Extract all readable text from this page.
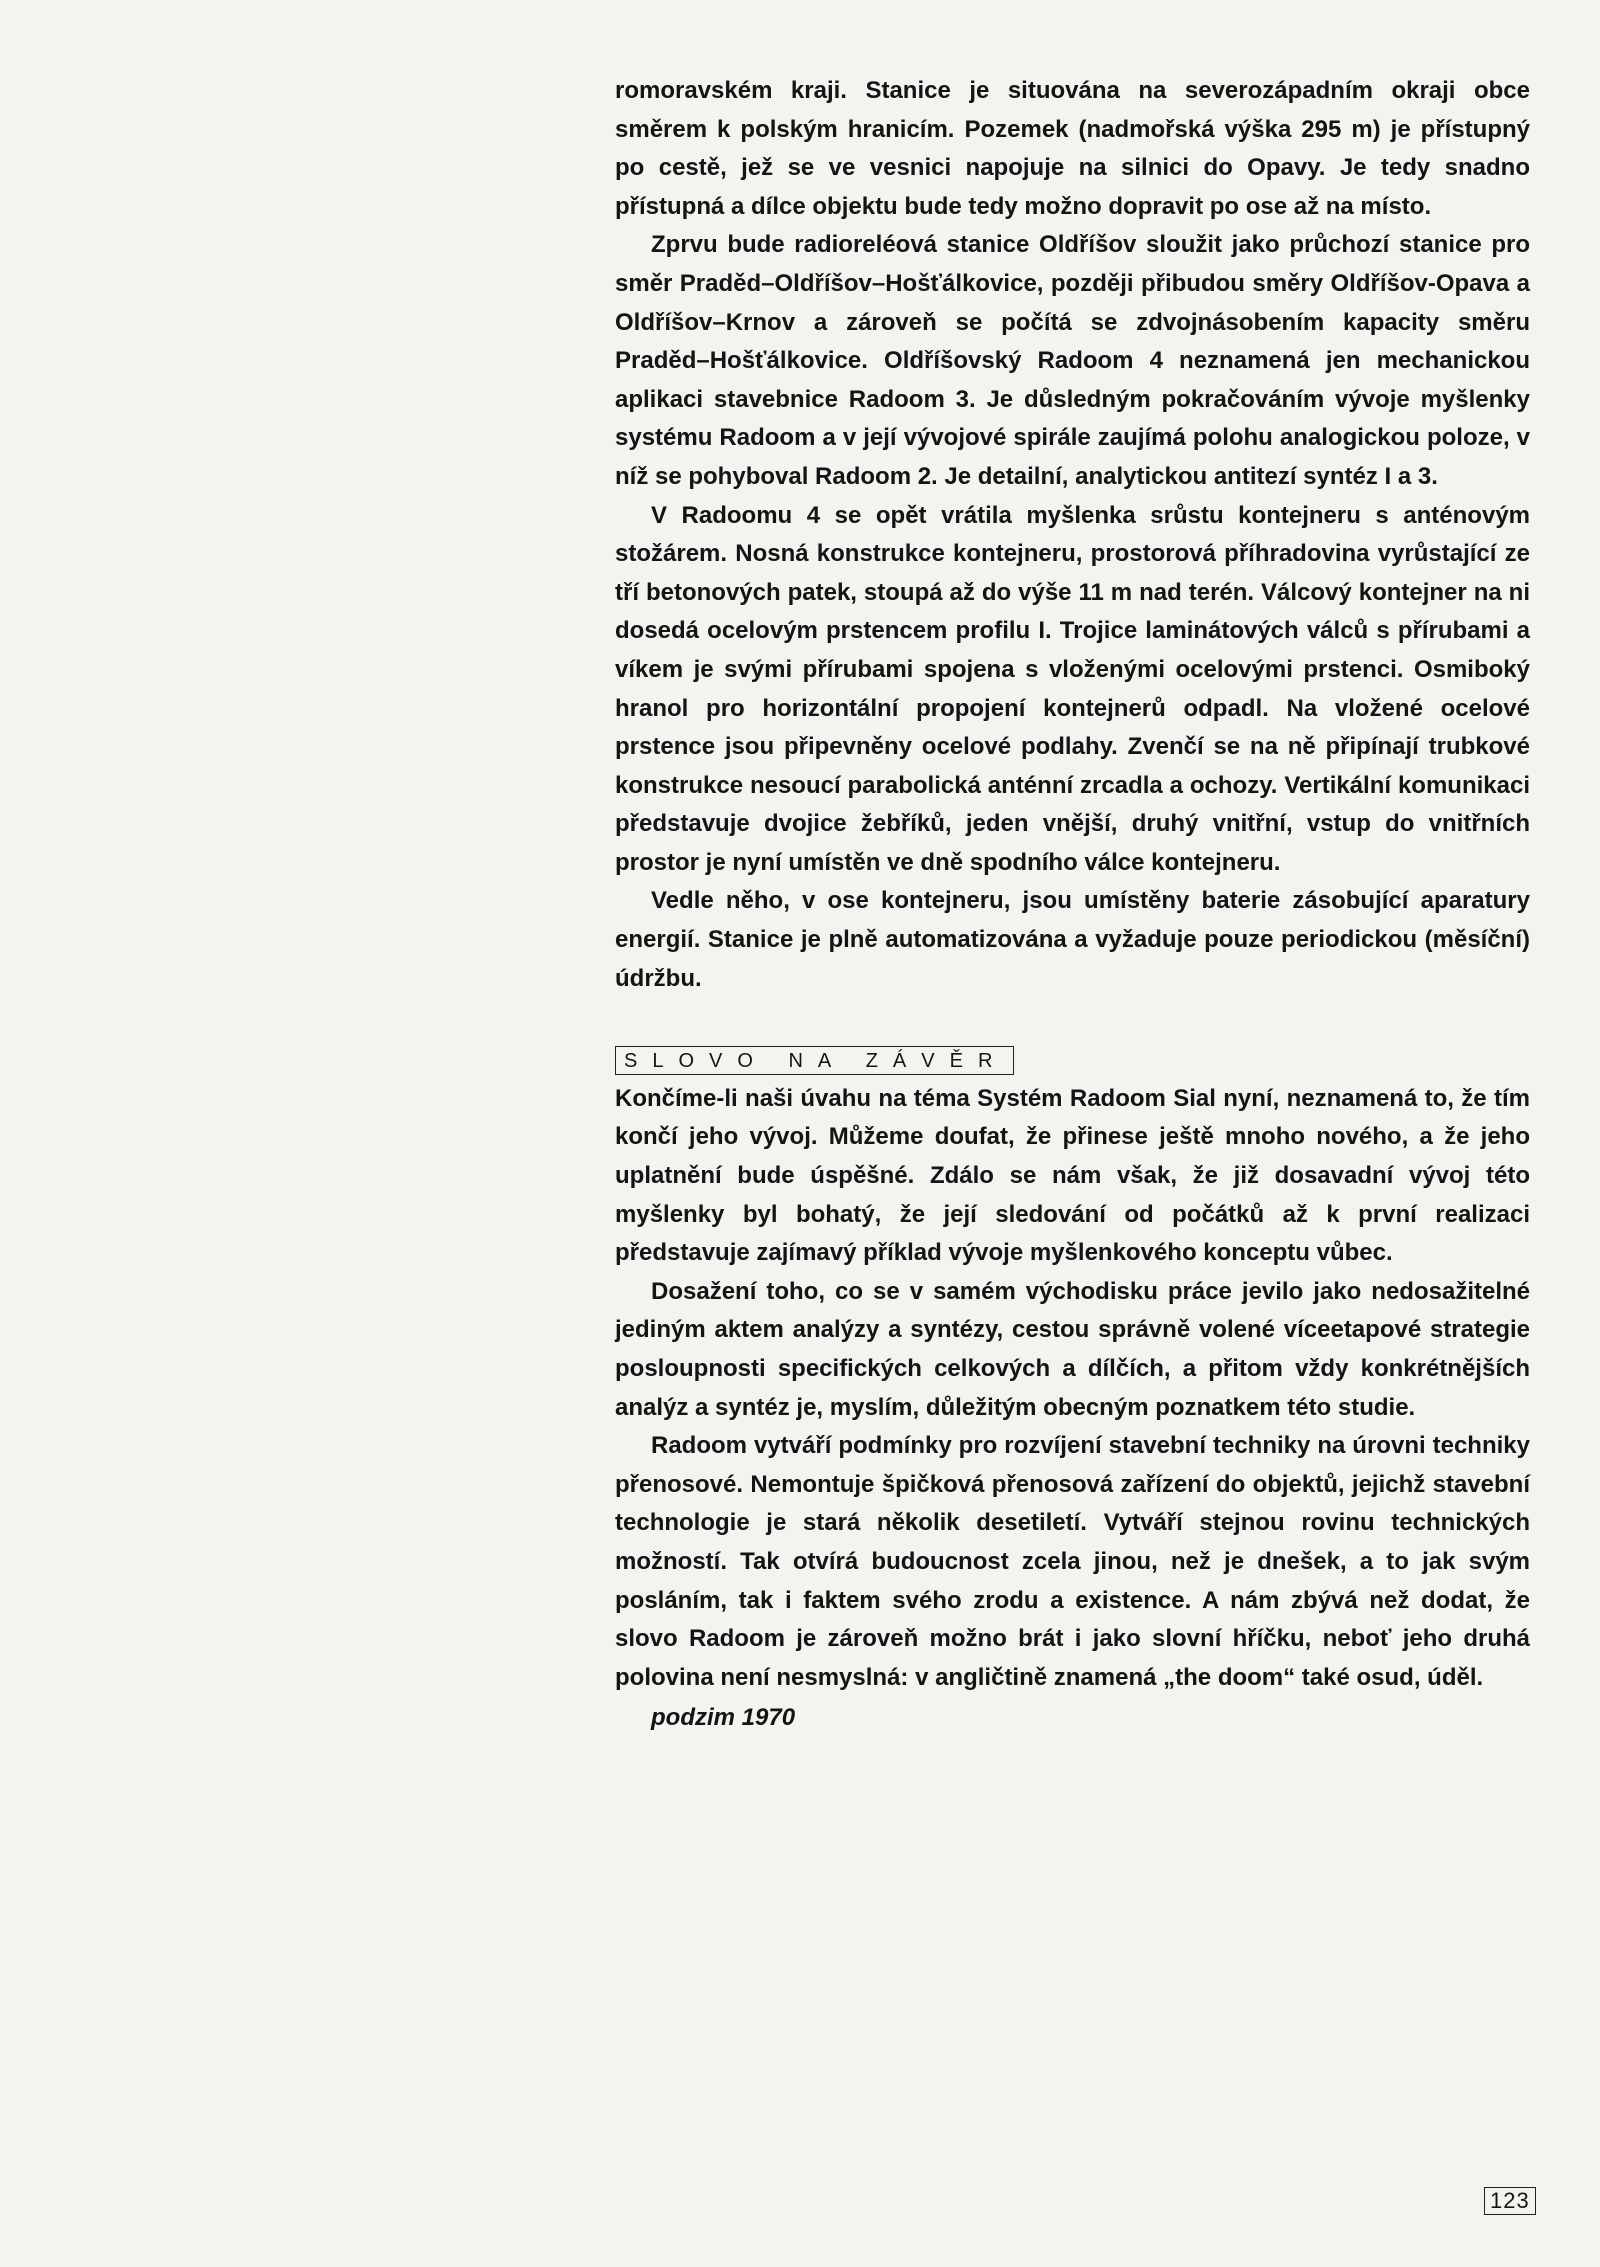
romoravském kraji. Stanice je situována na severozápadním okraji obce směrem k polským hranicím. Pozemek (nadmořská výška 295 m) je přístupný po cestě, jež se ve vesnici napojuje na silnici do Opavy. Je tedy snadno přístupná a dílce objektu bude tedy možno dopravit po ose až na místo.

Zprvu bude radioreléová stanice Oldříšov sloužit jako průchozí stanice pro směr Praděd–Oldříšov–Hošťálkovice, později přibudou směry Oldříšov-Opava a Oldříšov–Krnov a zároveň se počítá se zdvojnásobením kapacity směru Praděd–Hošťálkovice. Oldříšovský Radoom 4 neznamená jen mechanickou aplikaci stavebnice Radoom 3. Je důsledným pokračováním vývoje myšlenky systému Radoom a v její vývojové spirále zaujímá polohu analogickou poloze, v níž se pohyboval Radoom 2. Je detailní, analytickou antitezí syntéz I a 3.

V Radoomu 4 se opět vrátila myšlenka srůstu kontejneru s anténovým stožárem. Nosná konstrukce kontejneru, prostorová příhradovina vyrůstající ze tří betonových patek, stoupá až do výše 11 m nad terén. Válcový kontejner na ni dosedá ocelovým prstencem profilu I. Trojice laminátových válců s přírubami a víkem je svými přírubami spojena s vloženými ocelovými prstenci. Osmiboký hranol pro horizontální propojení kontejnerů odpadl. Na vložené ocelové prstence jsou připevněny ocelové podlahy. Zvenčí se na ně připínají trubkové konstrukce nesoucí parabolická anténní zrcadla a ochozy. Vertikální komunikaci představuje dvojice žebříků, jeden vnější, druhý vnitřní, vstup do vnitřních prostor je nyní umístěn ve dně spodního válce kontejneru.

Vedle něho, v ose kontejneru, jsou umístěny baterie zásobující aparatury energií. Stanice je plně automatizována a vyžaduje pouze periodickou (měsíční) údržbu.

SLOVO NA ZÁVĚR

Končíme-li naši úvahu na téma Systém Radoom Sial nyní, neznamená to, že tím končí jeho vývoj. Můžeme doufat, že přinese ještě mnoho nového, a že jeho uplatnění bude úspěšné. Zdálo se nám však, že již dosavadní vývoj této myšlenky byl bohatý, že její sledování od počátků až k první realizaci představuje zajímavý příklad vývoje myšlenkového konceptu vůbec.

Dosažení toho, co se v samém východisku práce jevilo jako nedosažitelné jediným aktem analýzy a syntézy, cestou správně volené víceetapové strategie posloupnosti specifických celkových a dílčích, a přitom vždy konkrétnějších analýz a syntéz je, myslím, důležitým obecným poznatkem této studie.

Radoom vytváří podmínky pro rozvíjení stavební techniky na úrovni techniky přenosové. Nemontuje špičková přenosová zařízení do objektů, jejichž stavební technologie je stará několik desetiletí. Vytváří stejnou rovinu technických možností. Tak otvírá budoucnost zcela jinou, než je dnešek, a to jak svým posláním, tak i faktem svého zrodu a existence. A nám zbývá než dodat, že slovo Radoom je zároveň možno brát i jako slovní hříčku, neboť jeho druhá polovina není nesmyslná: v angličtině znamená „the doom“ také osud, úděl.

podzim 1970
123
